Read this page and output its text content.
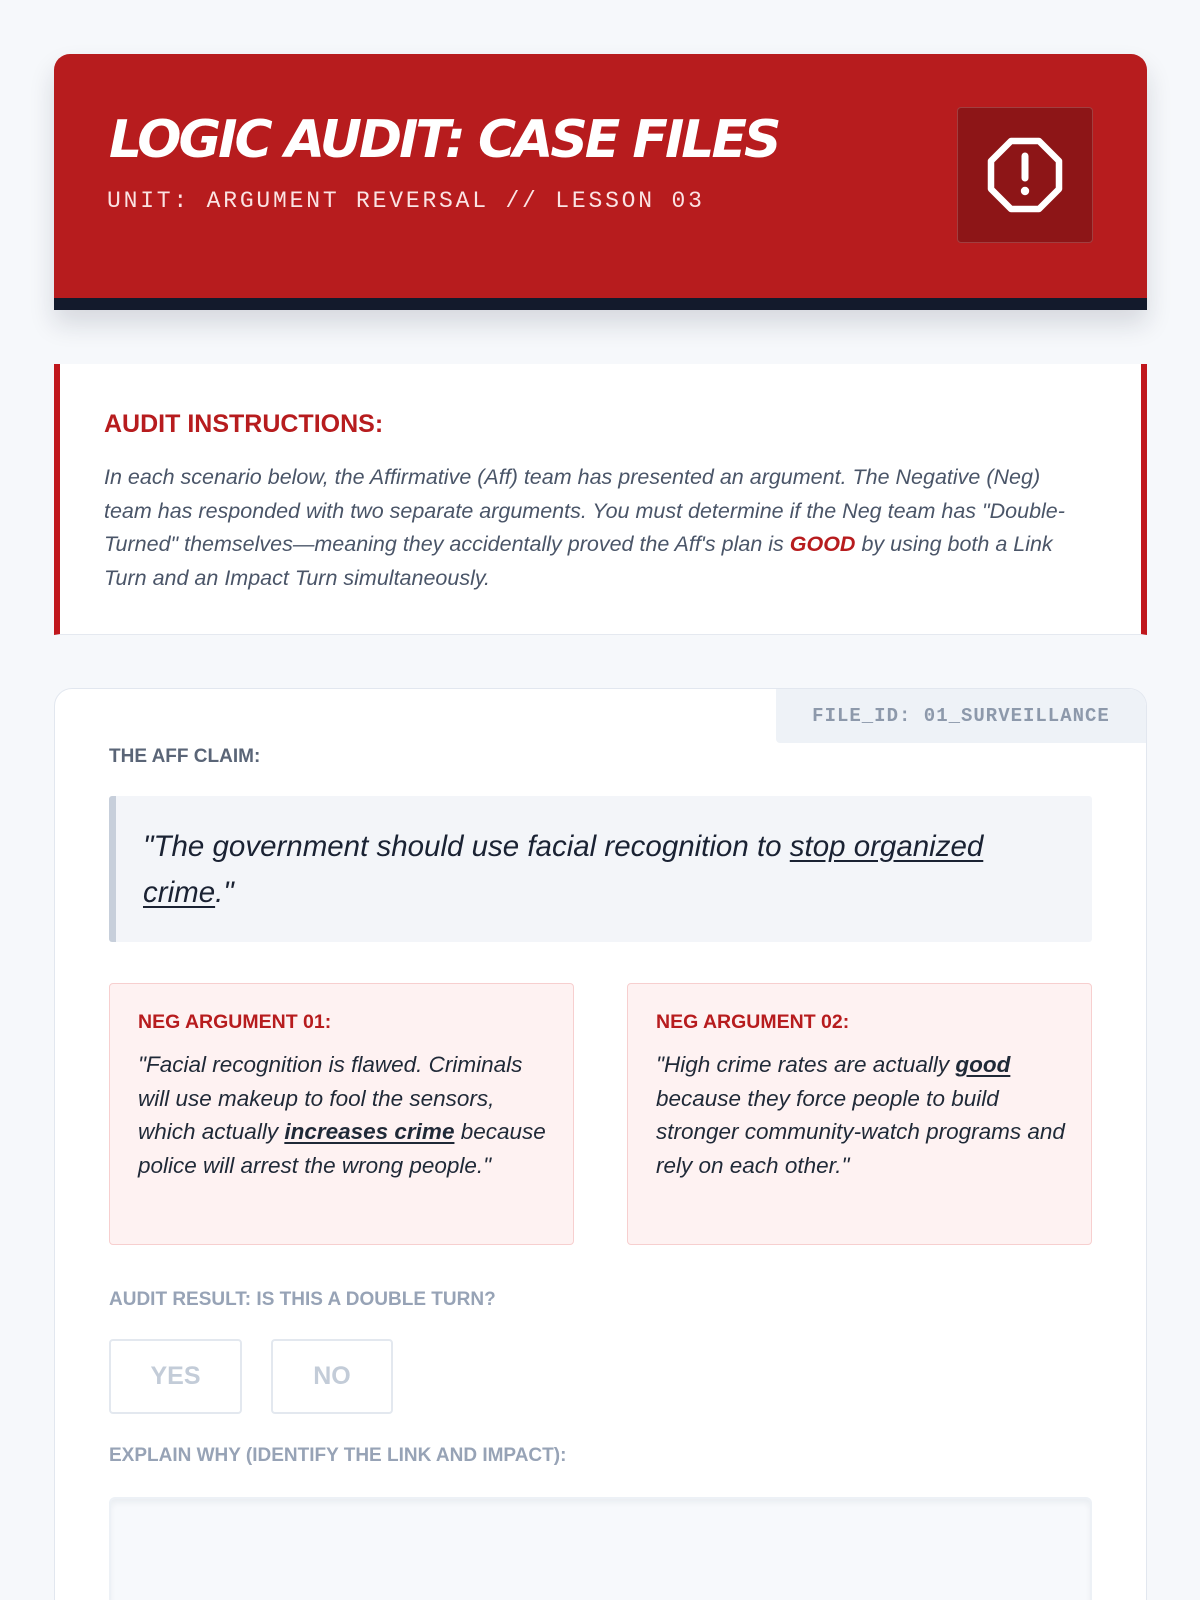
LOGIC AUDIT: CASE FILES
UNIT: ARGUMENT REVERSAL // LESSON 03
AUDIT INSTRUCTIONS:

In each scenario below, the Affirmative (Aff) team has presented an argument. The Negative (Neg) team has responded with two separate arguments. You must determine if the Neg team has "Double-Turned" themselves—meaning they accidentally proved the Aff's plan is GOOD by using both a Link Turn and an Impact Turn simultaneously.

FILE_ID: 01_SURVEILLANCE
THE AFF CLAIM:
"The government should use facial recognition to stop organized crime."
NEG ARGUMENT 01:

"Facial recognition is flawed. Criminals will use makeup to fool the sensors, which actually increases crime because police will arrest the wrong people."

NEG ARGUMENT 02:

"High crime rates are actually good because they force people to build stronger community-watch programs and rely on each other."

AUDIT RESULT: IS THIS A DOUBLE TURN?
YES	NO
EXPLAIN WHY (IDENTIFY THE LINK AND IMPACT):
